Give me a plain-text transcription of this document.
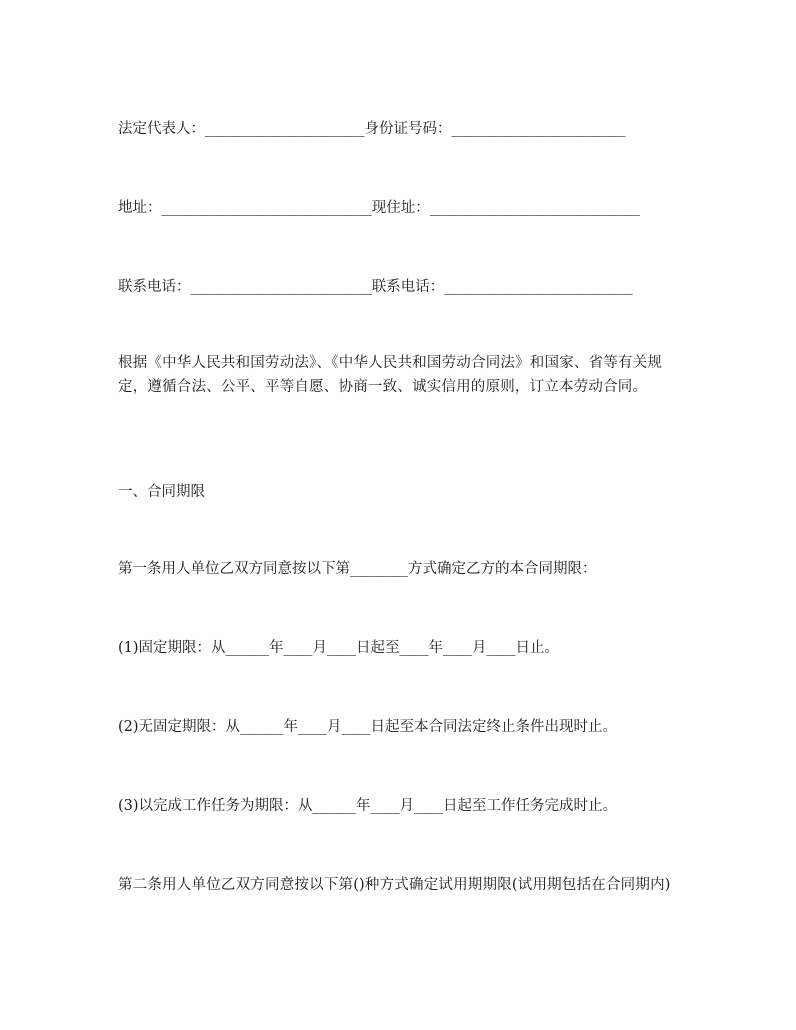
法定代表人：______________________身份证号码：________________________
地址：_____________________________现住址：_____________________________
联系电话：_________________________联系电话：__________________________
根据《中华人民共和国劳动法》、《中华人民共和国劳动合同法》和国家、省等有关规定，遵循合法、公平、平等自愿、协商一致、诚实信用的原则，订立本劳动合同。
一、合同期限
第一条用人单位乙双方同意按以下第________方式确定乙方的本合同期限：
(1)固定期限：从______年____月____日起至____年____月____日止。
(2)无固定期限：从______年____月____日起至本合同法定终止条件出现时止。
(3)以完成工作任务为期限：从______年____月____日起至工作任务完成时止。
第二条用人单位乙双方同意按以下第()种方式确定试用期期限(试用期包括在合同期内)
